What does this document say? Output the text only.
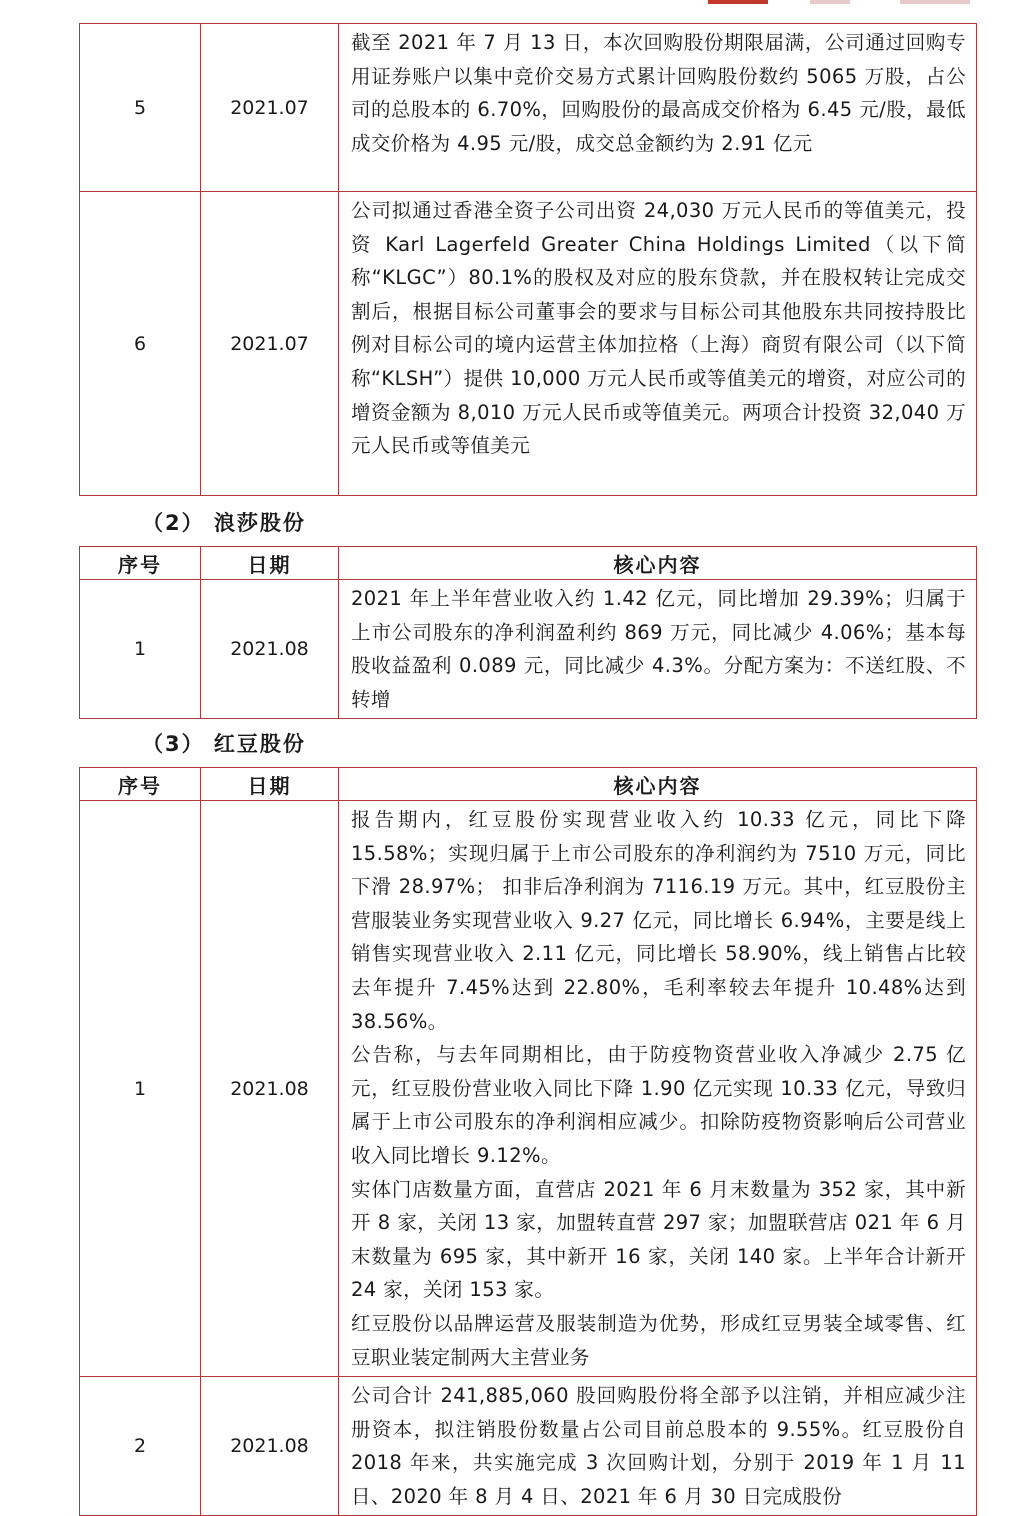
5	2021.07	截至 2021 年 7 月 13 日，本次回购股份期限届满，公司通过回购专用证券账户以集中竞价交易方式累计回购股份数约 5065 万股，占公司的总股本的 6.70%，回购股份的最高成交价格为 6.45 元/股，最低成交价格为 4.95 元/股，成交总金额约为 2.91 亿元

6	2021.07	公司拟通过香港全资子公司出资 24,030 万元人民币的等值美元，投资 Karl Lagerfeld Greater China Holdings Limited（以下简称“KLGC”）80.1%的股权及对应的股东贷款，并在股权转让完成交割后，根据目标公司董事会的要求与目标公司其他股东共同按持股比例对目标公司的境内运营主体加拉格（上海）商贸有限公司（以下简称“KLSH”）提供 10,000 万元人民币或等值美元的增资，对应公司的增资金额为 8,010 万元人民币或等值美元。两项合计投资 32,040 万元人民币或等值美元

（2） 浪莎股份
序号	日期	核心内容
1	2021.08	2021 年上半年营业收入约 1.42 亿元，同比增加 29.39%；归属于上市公司股东的净利润盈利约 869 万元，同比减少 4.06%；基本每股收益盈利 0.089 元，同比减少 4.3%。分配方案为：不送红股、不转增

（3） 红豆股份
序号	日期	核心内容
1	2021.08	报告期内，红豆股份实现营业收入约 10.33 亿元，同比下降 15.58%；实现归属于上市公司股东的净利润约为 7510 万元，同比下滑 28.97%； 扣非后净利润为 7116.19 万元。其中，红豆股份主营服装业务实现营业收入 9.27 亿元，同比增长 6.94%，主要是线上销售实现营业收入 2.11 亿元，同比增长 58.90%，线上销售占比较去年提升 7.45%达到 22.80%，毛利率较去年提升 10.48%达到 38.56%。

公告称，与去年同期相比，由于防疫物资营业收入净减少 2.75 亿元，红豆股份营业收入同比下降 1.90 亿元实现 10.33 亿元，导致归属于上市公司股东的净利润相应减少。扣除防疫物资影响后公司营业收入同比增长 9.12%。

实体门店数量方面，直营店 2021 年 6 月末数量为 352 家，其中新开 8 家，关闭 13 家，加盟转直营 297 家；加盟联营店 021 年 6 月末数量为 695 家，其中新开 16 家，关闭 140 家。上半年合计新开 24 家，关闭 153 家。

红豆股份以品牌运营及服装制造为优势，形成红豆男装全域零售、红豆职业装定制两大主营业务

2	2021.08	公司合计 241,885,060 股回购股份将全部予以注销，并相应减少注册资本，拟注销股份数量占公司目前总股本的 9.55%。红豆股份自 2018 年来，共实施完成 3 次回购计划，分别于 2019 年 1 月 11 日、2020 年 8 月 4 日、2021 年 6 月 30 日完成股份
